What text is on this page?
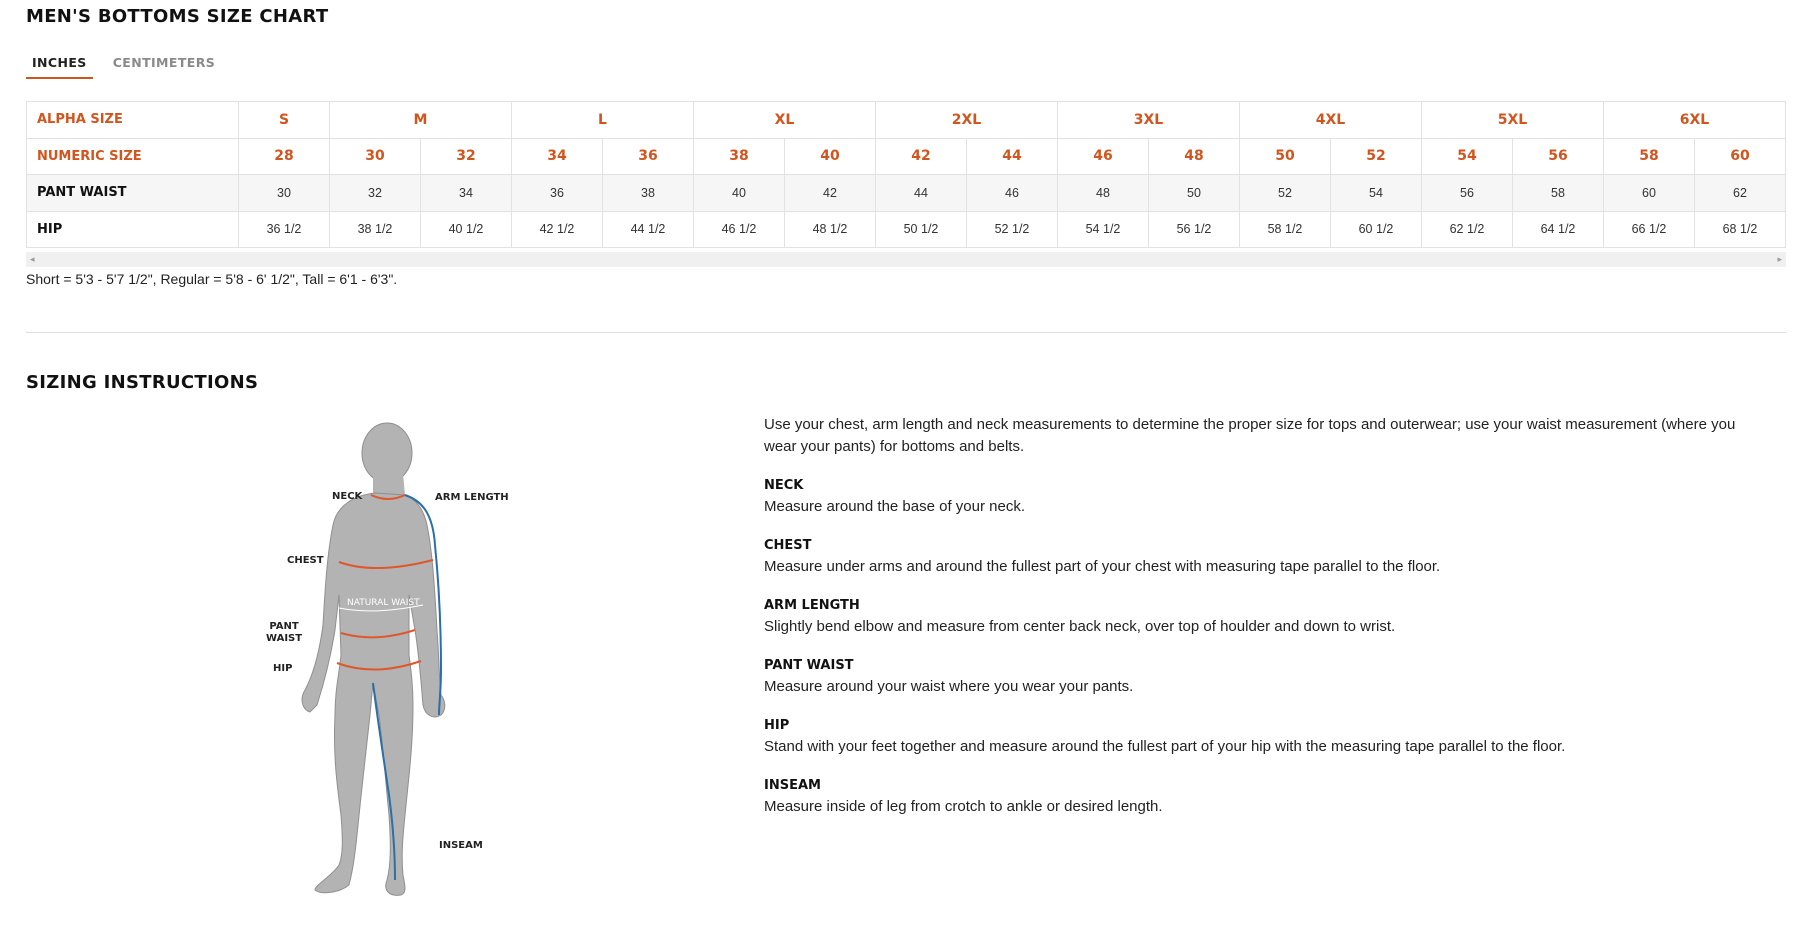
MEN'S BOTTOMS SIZE CHART
INCHES	CENTIMETERS
ALPHA SIZE	S	M		L		XL		2XL		3XL		4XL		5XL		6XL	
NUMERIC SIZE	28	30	32	34	36	38	40	42	44	46	48	50	52	54	56	58	60
PANT WAIST	30	32	34	36	38	40	42	44	46	48	50	52	54	56	58	60	62
HIP	36 1/2	38 1/2	40 1/2	42 1/2	44 1/2	46 1/2	48 1/2	50 1/2	52 1/2	54 1/2	56 1/2	58 1/2	60 1/2	62 1/2	64 1/2	66 1/2	68 1/2
◂	▸
Short = 5'3 - 5'7 1/2", Regular = 5'8 - 6' 1/2", Tall = 6'1 - 6'3".
SIZING INSTRUCTIONS
NECK	ARM LENGTH
CHEST
NATURAL WAIST
PANT
WAIST
HIP
INSEAM

Use your chest, arm length and neck measurements to determine the proper size for tops and outerwear; use your waist measurement (where you wear your pants) for bottoms and belts.

NECK

Measure around the base of your neck.

CHEST

Measure under arms and around the fullest part of your chest with measuring tape parallel to the floor.

ARM LENGTH

Slightly bend elbow and measure from center back neck, over top of houlder and down to wrist.

PANT WAIST

Measure around your waist where you wear your pants.

HIP

Stand with your feet together and measure around the fullest part of your hip with the measuring tape parallel to the floor.

INSEAM

Measure inside of leg from crotch to ankle or desired length.
